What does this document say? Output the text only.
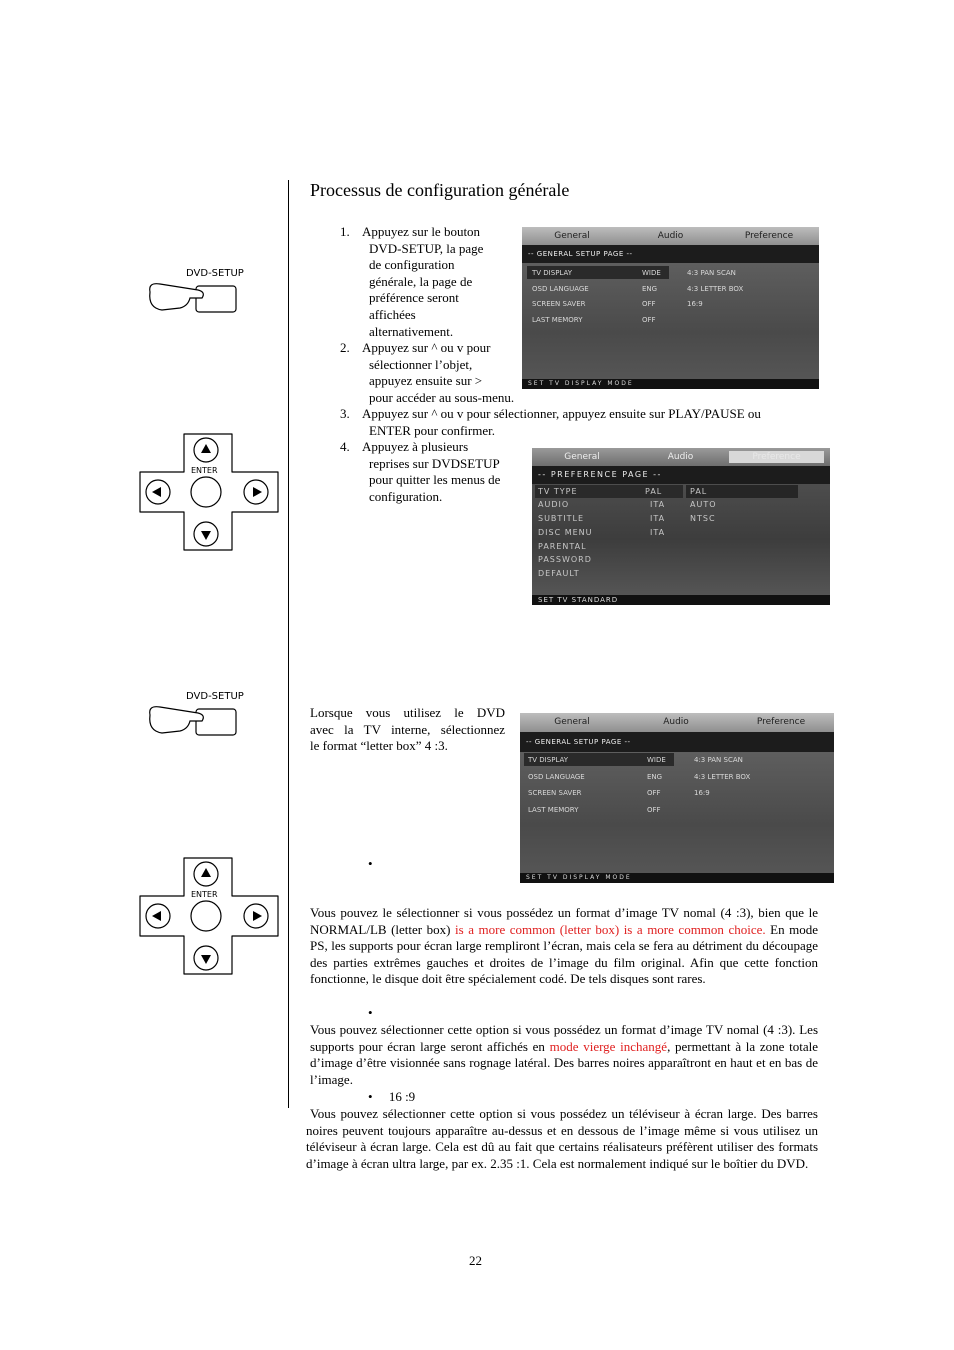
Processus de configuration générale
1. Appuyez sur le bouton
DVD-SETUP, la page
de configuration
générale, la page de
préférence seront
affichées
alternativement.
2. Appuyez sur ^ ou v pour
sélectionner l’objet,
appuyez ensuite sur >
pour accéder au sous-menu.
3. Appuyez sur ^ ou v pour sélectionner, appuyez ensuite sur PLAY/PAUSE ou
ENTER pour confirmer.
4. Appuyez à plusieurs
reprises sur DVDSETUP
pour quitter les menus de
configuration.
General	Audio	Preference
-- GENERAL SETUP PAGE --
TV DISPLAY	WIDE	4:3 PAN SCAN
OSD LANGUAGE	ENG	4:3 LETTER BOX
SCREEN SAVER	OFF	16:9
LAST MEMORY	OFF
SET TV DISPLAY MODE
General	Audio	Preference
-- PREFERENCE PAGE --
TV TYPE	PAL	PAL
AUDIO	ITA	AUTO
SUBTITLE	ITA	NTSC
DISC MENU	ITA
PARENTAL
PASSWORD
DEFAULT
SET TV STANDARD
General	Audio	Preference
-- GENERAL SETUP PAGE --
TV DISPLAY	WIDE	4:3 PAN SCAN
OSD LANGUAGE	ENG	4:3 LETTER BOX
SCREEN SAVER	OFF	16:9
LAST MEMORY	OFF
SET TV DISPLAY MODE
DVD-SETUP
ENTER
DVD-SETUP
ENTER
Lorsque vous utilisez le DVD
avec la TV interne, sélectionnez
le format “letter box” 4 :3.
•
Vous pouvez le sélectionner si vous possédez un format d’image TV nomal (4 :3), bien que le NORMAL/LB (letter box) is a more common (letter box) is a more common choice. En mode PS, les supports pour écran large rempliront l’écran, mais cela se fera au détriment du découpage des parties extrêmes gauches et droites de l’image du film original. Afin que cette fonction fonctionne, le disque doit être spécialement codé. De tels disques sont rares.
•
Vous pouvez sélectionner cette option si vous possédez un format d’image TV nomal (4 :3). Les supports pour écran large seront affichés en mode vierge inchangé, permettant à la zone totale d’image d’être visionnée sans rognage latéral. Des barres noires apparaîtront en haut et en bas de l’image.
•     16 :9
Vous pouvez sélectionner cette option si vous possédez un téléviseur à écran large. Des barres noires peuvent toujours apparaître au-dessus et en dessous de l’image même si vous utilisez un téléviseur à écran large. Cela est dû au fait que certains réalisateurs préfèrent utiliser des formats d’image à écran ultra large, par ex. 2.35 :1. Cela est normalement indiqué sur le boîtier du DVD.
22
